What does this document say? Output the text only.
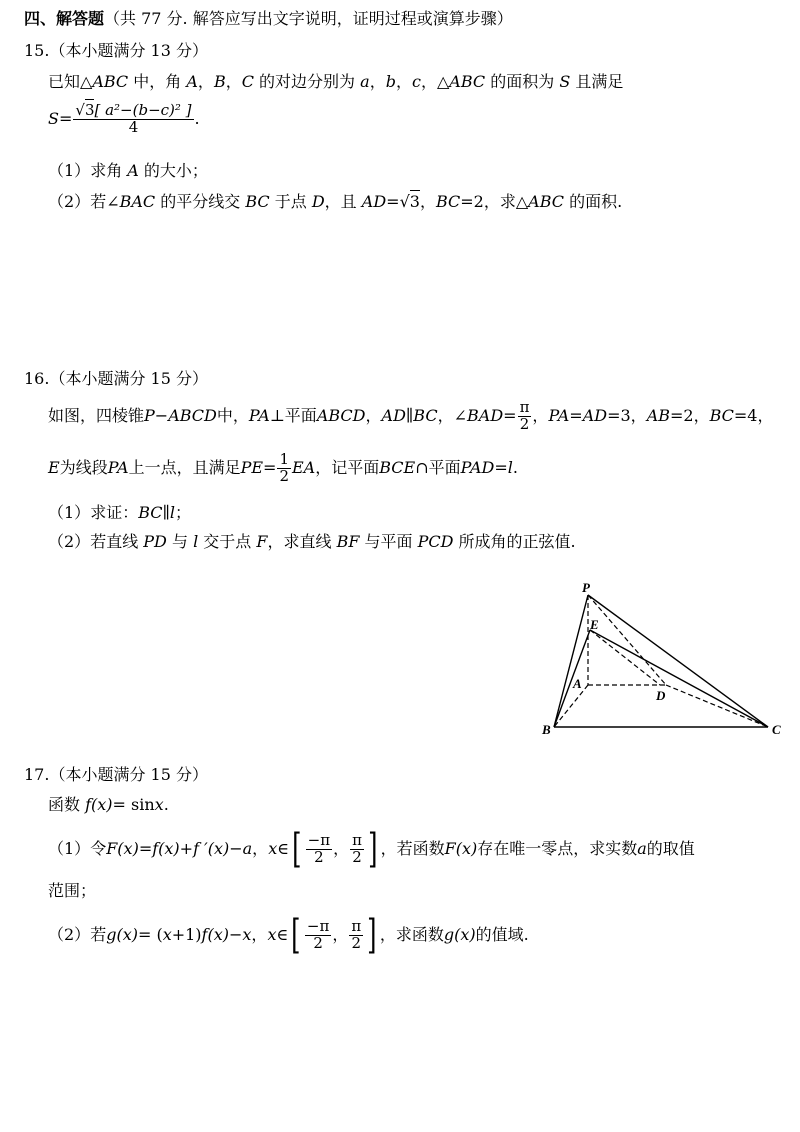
四、解答题（共 77 分. 解答应写出文字说明，证明过程或演算步骤）
15.（本小题满分 13 分）
已知△ABC 中，角 A，B，C 的对边分别为 a，b，c，△ABC 的面积为 S 且满足
$S= \frac{\text{√3[ a²−(b−c)² ]}}{4}$ .
（1）求角 A 的大小；
（2）若∠BAC 的平分线交 BC 于点 D，且 AD=√3，BC=2，求△ABC 的面积.
16.（本小题满分 15 分）
如图，四棱锥 P−ABCD 中， PA ⊥平面 ABCD ， AD∥BC ，∠ BAD = $\frac{\pi}{2}$ ， PA = AD =3， AB =2， BC =4，
E 为线段 PA 上一点，且满足 PE = $\frac{1}{2}$ EA ，记平面 BCE ∩平面 PAD = l .
（1）求证：BC∥l；
（2）若直线 PD 与 l 交于点 F，求直线 BF 与平面 PCD 所成角的正弦值.
P
E
A
D
B	C
17.（本小题满分 15 分）
函数 f(x)= sinx.
（1） 令 F(x) = f(x) + f ′(x) − a ， x ∈ [ $\frac{-\pi}{2}$ ， $\frac{\pi}{2}$ ] ，若函数 F(x) 存在唯一零点，求实数 a 的取值
范围；
（2） 若 g(x) = ( x +1) f(x) − x ， x ∈ [ $\frac{-\pi}{2}$ ， $\frac{\pi}{2}$ ] ，求函数 g(x) 的值域.
